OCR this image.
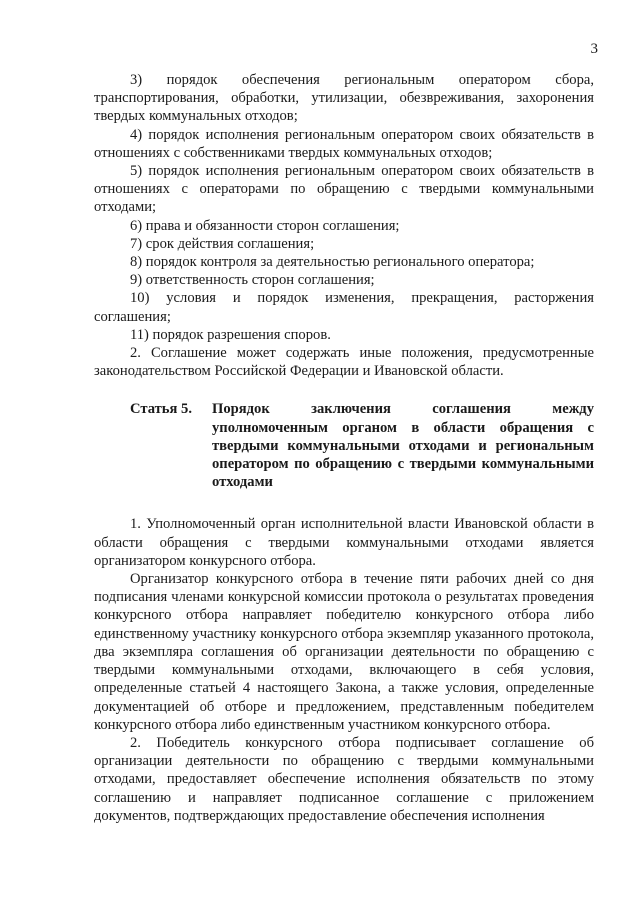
3

3) порядок обеспечения региональным оператором сбора, транспортирования, обработки, утилизации, обезвреживания, захоронения твердых коммунальных отходов;

4) порядок исполнения региональным оператором своих обязательств в отношениях с собственниками твердых коммунальных отходов;

5) порядок исполнения региональным оператором своих обязательств в отношениях с операторами по обращению с твердыми коммунальными отходами;

6) права и обязанности сторон соглашения;

7) срок действия соглашения;

8) порядок контроля за деятельностью регионального оператора;

9) ответственность сторон соглашения;

10) условия и порядок изменения, прекращения, расторжения соглашения;

11) порядок разрешения споров.

2. Соглашение может содержать иные положения, предусмотренные законодательством Российской Федерации и Ивановской области.

Статья 5.	Порядок заключения соглашения между уполномоченным органом в области обращения с твердыми коммунальными отходами и региональным оператором по обращению с твердыми коммунальными отходами

1. Уполномоченный орган исполнительной власти Ивановской области в области обращения с твердыми коммунальными отходами является организатором конкурсного отбора.

Организатор конкурсного отбора в течение пяти рабочих дней со дня подписания членами конкурсной комиссии протокола о результатах проведения конкурсного отбора направляет победителю конкурсного отбора либо единственному участнику конкурсного отбора экземпляр указанного протокола, два экземпляра соглашения об организации деятельности по обращению с твердыми коммунальными отходами, включающего в себя условия, определенные статьей 4 настоящего Закона, а также условия, определенные документацией об отборе и предложением, представленным победителем конкурсного отбора либо единственным участником конкурсного отбора.

2. Победитель конкурсного отбора подписывает соглашение об организации деятельности по обращению с твердыми коммунальными отходами, предоставляет обеспечение исполнения обязательств по этому соглашению и направляет подписанное соглашение с приложением документов, подтверждающих предоставление обеспечения исполнения
